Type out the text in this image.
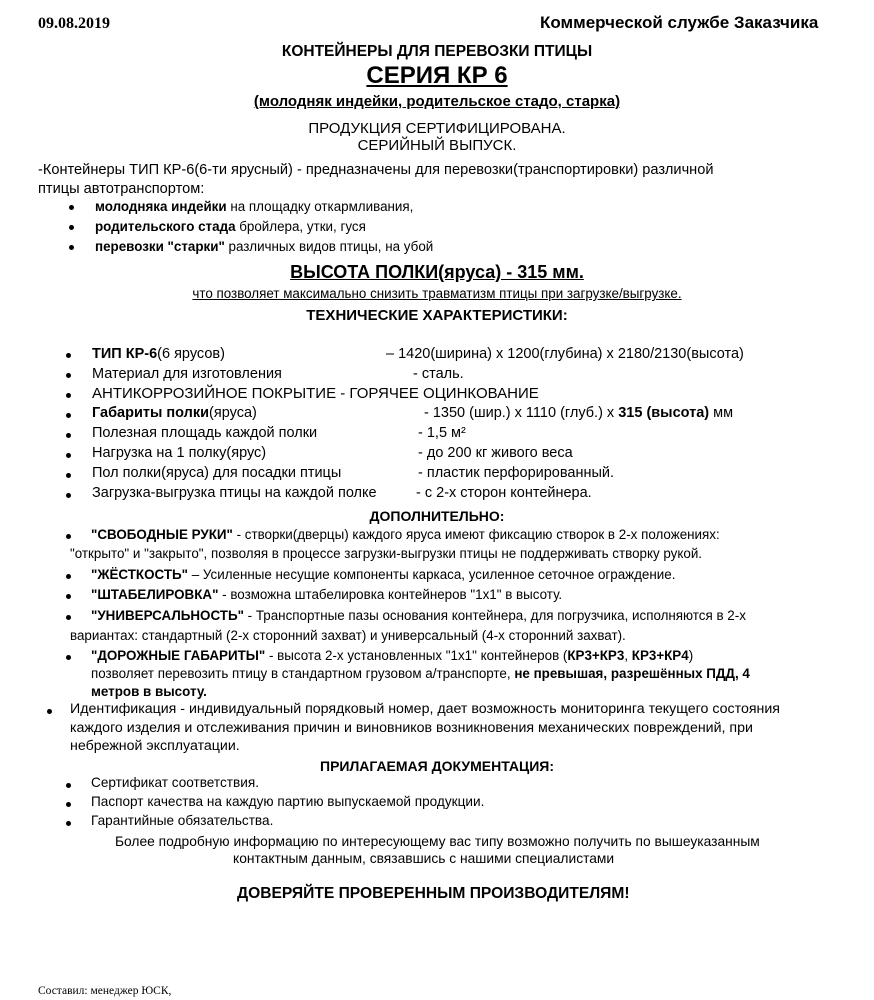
09.08.2019	Коммерческой службе Заказчика
КОНТЕЙНЕРЫ ДЛЯ ПЕРЕВОЗКИ ПТИЦЫ
СЕРИЯ КР 6
(молодняк индейки, родительское стадо, старка)
ПРОДУКЦИЯ СЕРТИФИЦИРОВАНА.
СЕРИЙНЫЙ ВЫПУСК.
-Контейнеры ТИП КР-6(6-ти ярусный) - предназначены для перевозки(транспортировки) различной
птицы автотранспортом:
молодняка индейки на площадку откармливания,
родительского стада бройлера, утки, гуся
перевозки "старки" различных видов птицы, на убой
ВЫСОТА ПОЛКИ(яруса) - 315 мм.
что позволяет максимально снизить травматизм птицы при загрузке/выгрузке.
ТЕХНИЧЕСКИЕ ХАРАКТЕРИСТИКИ:
ТИП КР-6(6 ярусов)	– 1420(ширина) х 1200(глубина) х 2180/2130(высота)
Материал для изготовления	- сталь.
АНТИКОРРОЗИЙНОЕ ПОКРЫТИЕ - ГОРЯЧЕЕ ОЦИНКОВАНИЕ
Габариты полки(яруса)	- 1350 (шир.) х 1110 (глуб.) х 315 (высота) мм
Полезная площадь каждой полки	- 1,5 м²
Нагрузка на 1 полку(ярус)	- до 200 кг живого веса
Пол полки(яруса) для посадки птицы	- пластик перфорированный.
Загрузка-выгрузка птицы на каждой полке	- с 2-х сторон контейнера.
ДОПОЛНИТЕЛЬНО:
"СВОБОДНЫЕ РУКИ" - створки(дверцы) каждого яруса имеют фиксацию створок в 2-х положениях:
"открыто" и "закрыто", позволяя в процессе загрузки-выгрузки птицы не поддерживать створку рукой.
"ЖЁСТКОСТЬ" – Усиленные несущие компоненты каркаса, усиленное сеточное ограждение.
"ШТАБЕЛИРОВКА" - возможна штабелировка контейнеров "1х1" в высоту.
"УНИВЕРСАЛЬНОСТЬ" - Транспортные пазы основания контейнера, для погрузчика, исполняются в 2-х
вариантах: стандартный (2-х сторонний захват) и универсальный (4-х сторонний захват).
"ДОРОЖНЫЕ ГАБАРИТЫ" - высота 2-х установленных "1х1" контейнеров (КР3+КР3, КР3+КР4)
позволяет перевозить птицу в стандартном грузовом а/транспорте, не превышая, разрешённых ПДД, 4
метров в высоту.
Идентификация - индивидуальный порядковый номер, дает возможность мониторинга текущего состояния
каждого изделия и отслеживания причин и виновников возникновения механических повреждений, при
небрежной эксплуатации.
ПРИЛАГАЕМАЯ ДОКУМЕНТАЦИЯ:
Сертификат соответствия.
Паспорт качества на каждую партию выпускаемой продукции.
Гарантийные обязательства.
Более подробную информацию по интересующему вас типу возможно получить по вышеуказанным
контактным данным, связавшись с нашими специалистами
ДОВЕРЯЙТЕ ПРОВЕРЕННЫМ ПРОИЗВОДИТЕЛЯМ!
Составил: менеджер ЮСК,
